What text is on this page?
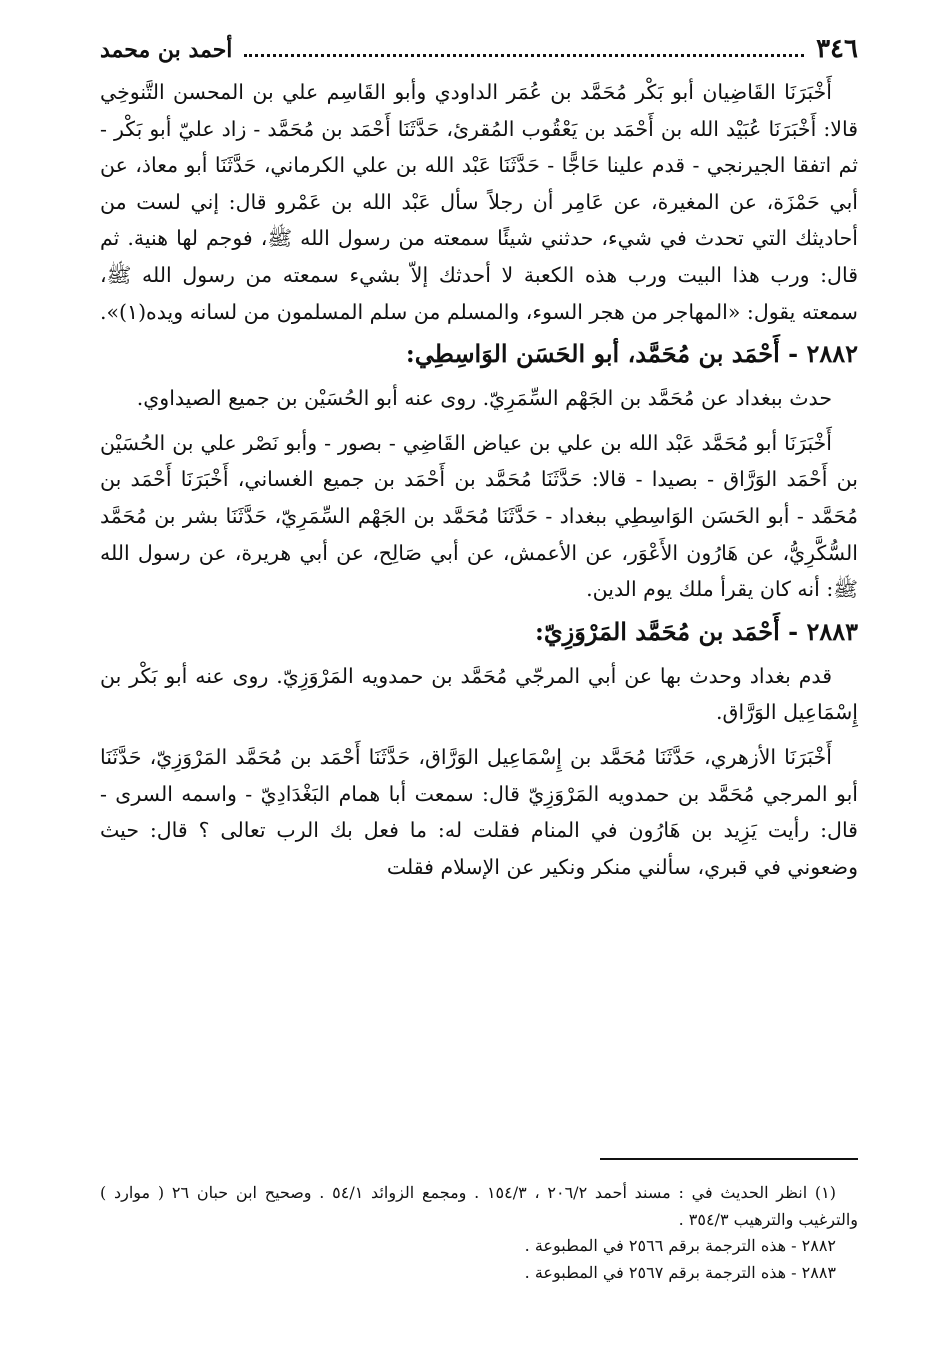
٣٤٦
أحمد بن محمد

أَخْبَرَنَا القَاضِيان أبو بَكْر مُحَمَّد بن عُمَر الداودي وأبو القَاسِم علي بن المحسن التَّنوخِي قالا: أَخْبَرَنَا عُبَيْد الله بن أَحْمَد بن يَعْقُوب المُقرئ، حَدَّثَنَا أَحْمَد بن مُحَمَّد - زاد عليّ أبو بَكْر - ثم اتفقا الجيرنجي - قدم علينا حَاجًّا - حَدَّثَنَا عَبْد الله بن علي الكرماني، حَدَّثَنَا أبو معاذ، عن أبي حَمْزَة، عن المغيرة، عن عَامِر أن رجلاً سأل عَبْد الله بن عَمْرو قال: إني لست من أحاديثك التي تحدث في شيء، حدثني شيئًا سمعته من رسول الله ﷺ، فوجم لها هنية. ثم قال: ورب هذا البيت ورب هذه الكعبة لا أحدثك إلاّ بشيء سمعته من رسول الله ﷺ، سمعته يقول: «المهاجر من هجر السوء، والمسلم من سلم المسلمون من لسانه ويده(١)».

٢٨٨٢ - أَحْمَد بن مُحَمَّد، أبو الحَسَن الوَاسِطِي:

حدث ببغداد عن مُحَمَّد بن الجَهْم السِّمَرِيّ. روى عنه أبو الحُسَيْن بن جميع الصيداوي.

أَخْبَرَنَا أبو مُحَمَّد عَبْد الله بن علي بن عياض القَاضِي - بصور - وأبو نَصْر علي بن الحُسَيْن بن أَحْمَد الوَرَّاق - بصيدا - قالا: حَدَّثَنَا مُحَمَّد بن أَحْمَد بن جميع الغساني، أَخْبَرَنَا أَحْمَد بن مُحَمَّد - أبو الحَسَن الوَاسِطِي ببغداد - حَدَّثَنَا مُحَمَّد بن الجَهْم السِّمَرِيّ، حَدَّثَنَا بشر بن مُحَمَّد السُّكَّرِيُّ، عن هَارُون الأَعْوَر، عن الأعمش، عن أبي صَالِح، عن أبي هريرة، عن رسول الله ﷺ: أنه كان يقرأ ملك يوم الدين.

٢٨٨٣ - أَحْمَد بن مُحَمَّد المَرْوَزِيّ:

قدم بغداد وحدث بها عن أبي المرجّي مُحَمَّد بن حمدويه المَرْوَزِيّ. روى عنه أبو بَكْر بن إِسْمَاعِيل الوَرَّاق.

أَخْبَرَنَا الأزهري، حَدَّثَنَا مُحَمَّد بن إِسْمَاعِيل الوَرَّاق، حَدَّثَنَا أَحْمَد بن مُحَمَّد المَرْوَزِيّ، حَدَّثَنَا أبو المرجي مُحَمَّد بن حمدويه المَرْوَزِيّ قال: سمعت أبا همام البَغْدَادِيّ - واسمه السرى - قال: رأيت يَزِيد بن هَارُون في المنام فقلت له: ما فعل بك الرب تعالى ؟ قال: حيث وضعوني في قبري، سألني منكر ونكير عن الإسلام فقلت

(١) انظر الحديث في : مسند أحمد ٢٠٦/٢ ، ١٥٤/٣ . ومجمع الزوائد ٥٤/١ . وصحيح ابن حبان ٢٦ ( موارد ) والترغيب والترهيب ٣٥٤/٣ .

٢٨٨٢ - هذه الترجمة برقم ٢٥٦٦ في المطبوعة .

٢٨٨٣ - هذه الترجمة برقم ٢٥٦٧ في المطبوعة .
